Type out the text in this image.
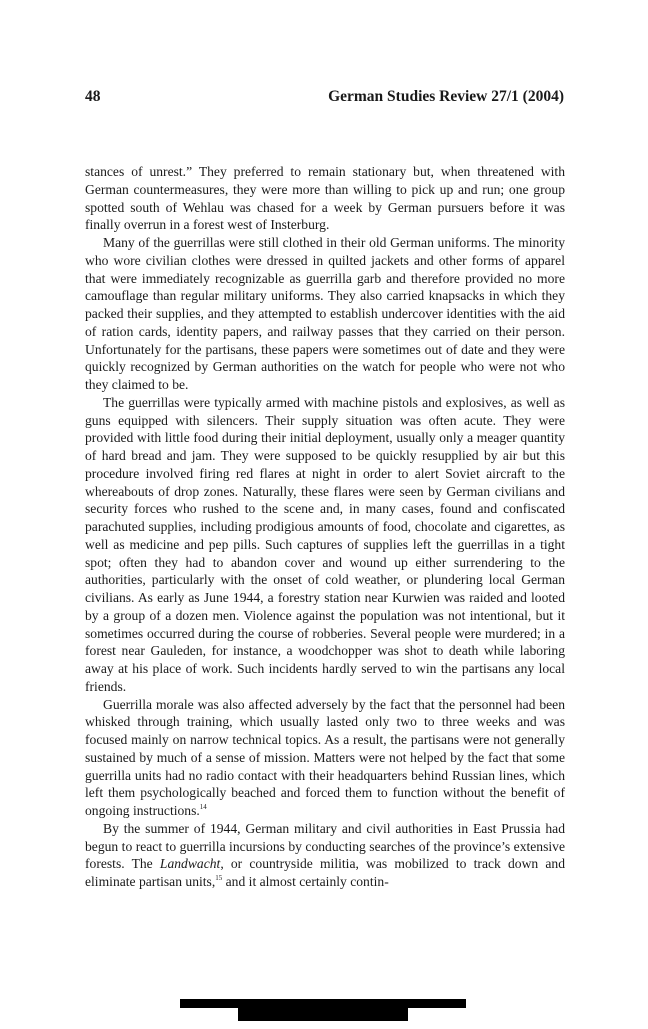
48	German Studies Review 27/1 (2004)

stances of unrest.” They preferred to remain stationary but, when threatened with German countermeasures, they were more than willing to pick up and run; one group spotted south of Wehlau was chased for a week by German pursuers before it was finally overrun in a forest west of Insterburg.

Many of the guerrillas were still clothed in their old German uniforms. The minority who wore civilian clothes were dressed in quilted jackets and other forms of apparel that were immediately recognizable as guerrilla garb and therefore provided no more camouflage than regular military uniforms. They also carried knapsacks in which they packed their supplies, and they attempted to establish undercover identities with the aid of ration cards, identity papers, and railway passes that they carried on their person. Unfortunately for the partisans, these papers were sometimes out of date and they were quickly recognized by German authorities on the watch for people who were not who they claimed to be.

The guerrillas were typically armed with machine pistols and explosives, as well as guns equipped with silencers. Their supply situation was often acute. They were provided with little food during their initial deployment, usually only a meager quantity of hard bread and jam. They were supposed to be quickly resupplied by air but this procedure involved firing red flares at night in order to alert Soviet aircraft to the whereabouts of drop zones. Naturally, these flares were seen by German civilians and security forces who rushed to the scene and, in many cases, found and confiscated parachuted supplies, including prodigious amounts of food, chocolate and cigarettes, as well as medicine and pep pills. Such captures of supplies left the guerrillas in a tight spot; often they had to abandon cover and wound up either surrendering to the authorities, particularly with the onset of cold weather, or plundering local German civilians. As early as June 1944, a forestry station near Kurwien was raided and looted by a group of a dozen men. Violence against the population was not intentional, but it sometimes occurred during the course of robberies. Several people were murdered; in a forest near Gauleden, for instance, a woodchopper was shot to death while laboring away at his place of work. Such incidents hardly served to win the partisans any local friends.

Guerrilla morale was also affected adversely by the fact that the personnel had been whisked through training, which usually lasted only two to three weeks and was focused mainly on narrow technical topics. As a result, the partisans were not generally sustained by much of a sense of mission. Matters were not helped by the fact that some guerrilla units had no radio contact with their headquarters behind Russian lines, which left them psychologically beached and forced them to function without the benefit of ongoing instructions.$^{14}$

By the summer of 1944, German military and civil authorities in East Prussia had begun to react to guerrilla incursions by conducting searches of the province’s extensive forests. The Landwacht, or countryside militia, was mobilized to track down and eliminate partisan units,$^{15}$ and it almost certainly contin-
